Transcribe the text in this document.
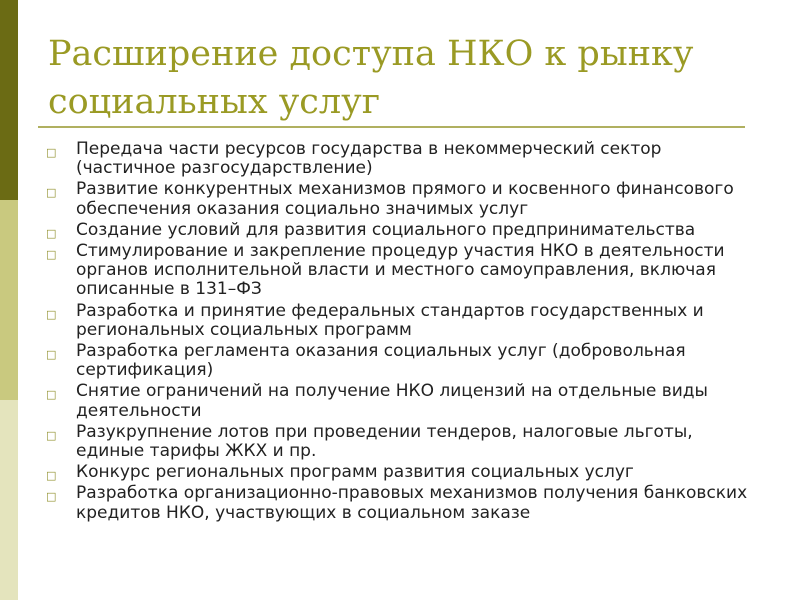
Расширение доступа НКО к рынку социальных услуг
□	Передача части ресурсов государства в некоммерческий сектор (частичное разгосударствление)
□	Развитие конкурентных механизмов прямого и косвенного финансового обеспечения оказания социально значимых услуг
□	Создание условий для развития социального предпринимательства
□	Стимулирование и закрепление процедур участия НКО в деятельности органов исполнительной власти и местного самоуправления, включая описанные в 131–ФЗ
□	Разработка и принятие федеральных стандартов государственных и региональных социальных программ
□	Разработка регламента оказания социальных услуг (добровольная сертификация)
□	Снятие ограничений на получение НКО лицензий на отдельные виды деятельности
□	Разукрупнение лотов при проведении тендеров, налоговые льготы, единые тарифы ЖКХ и пр.
□	Конкурс региональных программ развития социальных услуг
□	Разработка организационно-правовых механизмов получения банковских кредитов НКО, участвующих в социальном заказе
